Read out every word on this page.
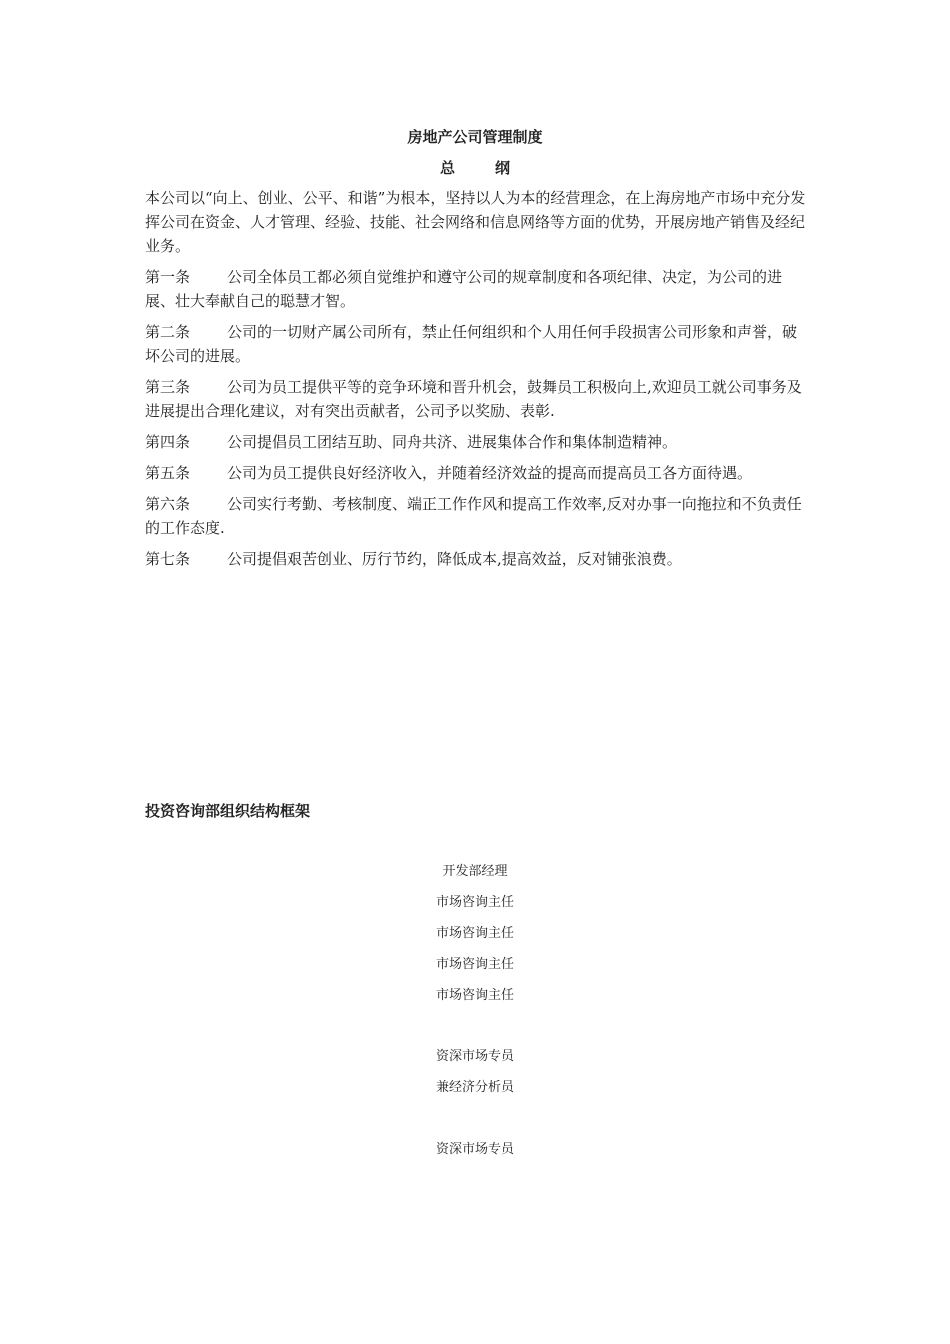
房地产公司管理制度
总	纲

本公司以“向上、创业、公平、和谐”为根本，坚持以人为本的经营理念，在上海房地产市场中充分发挥公司在资金、人才管理、经验、技能、社会网络和信息网络等方面的优势，开展房地产销售及经纪业务。

第一条 公司全体员工都必须自觉维护和遵守公司的规章制度和各项纪律、决定，为公司的进展、壮大奉献自己的聪慧才智。

第二条 公司的一切财产属公司所有，禁止任何组织和个人用任何手段损害公司形象和声誉，破坏公司的进展。

第三条 公司为员工提供平等的竞争环境和晋升机会，鼓舞员工积极向上,欢迎员工就公司事务及进展提出合理化建议，对有突出贡献者，公司予以奖励、表彰.

第四条 公司提倡员工团结互助、同舟共济、进展集体合作和集体制造精神。

第五条 公司为员工提供良好经济收入，并随着经济效益的提高而提高员工各方面待遇。

第六条 公司实行考勤、考核制度、端正工作作风和提高工作效率,反对办事一向拖拉和不负责任的工作态度.

第七条 公司提倡艰苦创业、厉行节约，降低成本,提高效益，反对铺张浪费。

投资咨询部组织结构框架
开发部经理
市场咨询主任
市场咨询主任
市场咨询主任
市场咨询主任
资深市场专员
兼经济分析员
资深市场专员
